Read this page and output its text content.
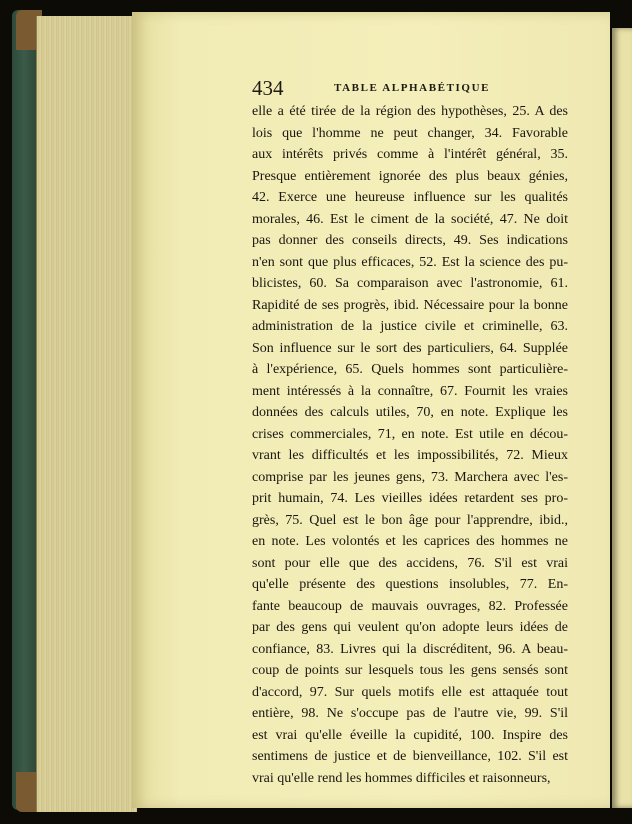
434	TABLE ALPHABÉTIQUE
elle a été tirée de la région des hypothèses, 25. A des
lois que l'homme ne peut changer, 34. Favorable
aux intérêts privés comme à l'intérêt général, 35.
Presque entièrement ignorée des plus beaux génies,
42. Exerce une heureuse influence sur les qualités
morales, 46. Est le ciment de la société, 47. Ne doit
pas donner des conseils directs, 49. Ses indications
n'en sont que plus efficaces, 52. Est la science des pu-
blicistes, 60. Sa comparaison avec l'astronomie, 61.
Rapidité de ses progrès, ibid. Nécessaire pour la bonne
administration de la justice civile et criminelle, 63.
Son influence sur le sort des particuliers, 64. Supplée
à l'expérience, 65. Quels hommes sont particulière-
ment intéressés à la connaître, 67. Fournit les vraies
données des calculs utiles, 70, en note. Explique les
crises commerciales, 71, en note. Est utile en décou-
vrant les difficultés et les impossibilités, 72. Mieux
comprise par les jeunes gens, 73. Marchera avec l'es-
prit humain, 74. Les vieilles idées retardent ses pro-
grès, 75. Quel est le bon âge pour l'apprendre, ibid.,
en note. Les volontés et les caprices des hommes ne
sont pour elle que des accidens, 76. S'il est vrai
qu'elle présente des questions insolubles, 77. En-
fante beaucoup de mauvais ouvrages, 82. Professée
par des gens qui veulent qu'on adopte leurs idées de
confiance, 83. Livres qui la discréditent, 96. A beau-
coup de points sur lesquels tous les gens sensés sont
d'accord, 97. Sur quels motifs elle est attaquée tout
entière, 98. Ne s'occupe pas de l'autre vie, 99. S'il
est vrai qu'elle éveille la cupidité, 100. Inspire des
sentimens de justice et de bienveillance, 102. S'il est
vrai qu'elle rend les hommes difficiles et raisonneurs,
